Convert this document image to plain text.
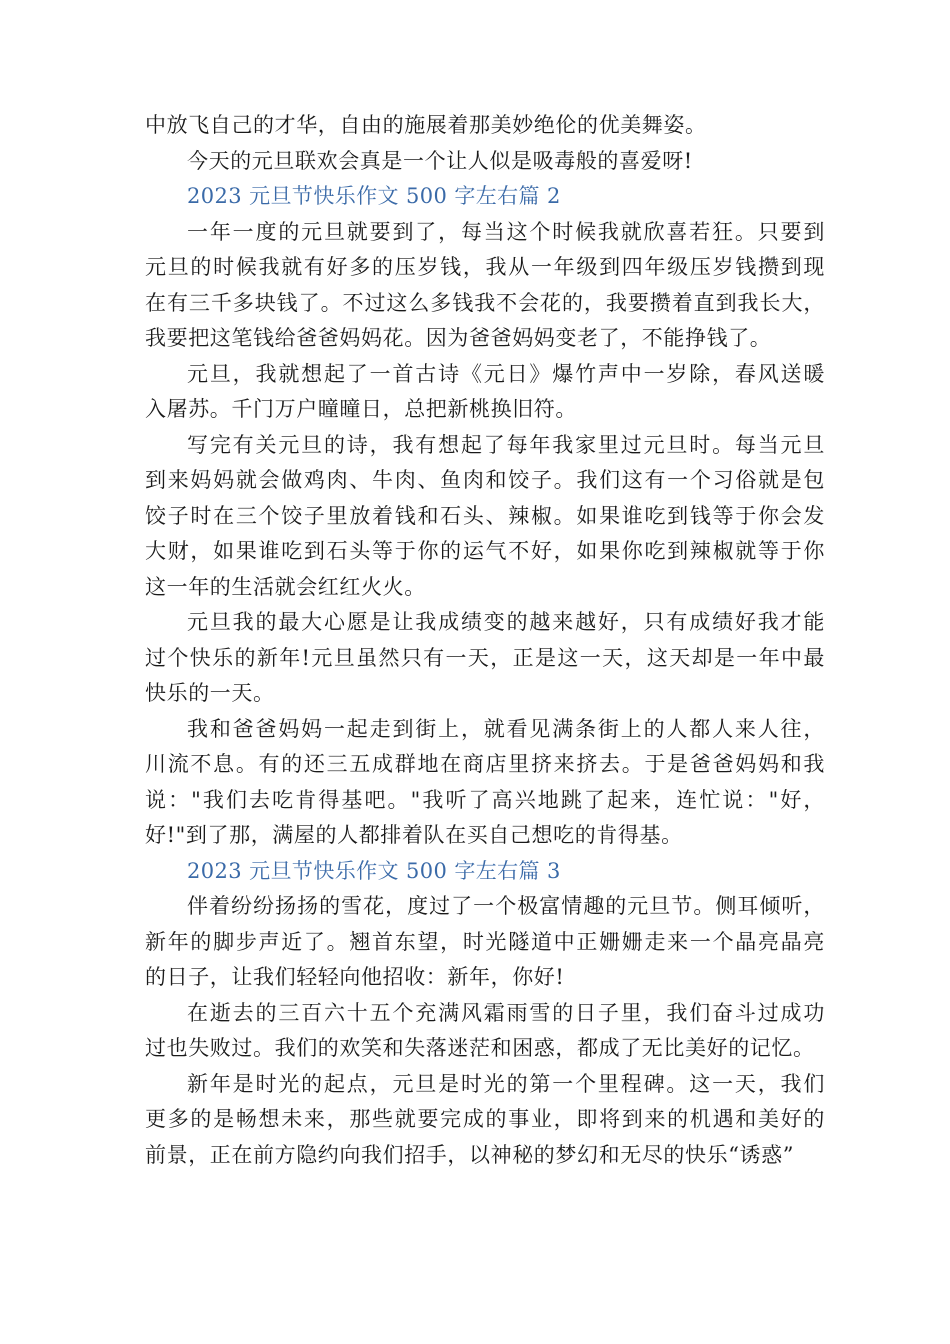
中放飞自己的才华，自由的施展着那美妙绝伦的优美舞姿。
今天的元旦联欢会真是一个让人似是吸毒般的喜爱呀!
2023 元旦节快乐作文 500 字左右篇 2
一年一度的元旦就要到了，每当这个时候我就欣喜若狂。只要到
元旦的时候我就有好多的压岁钱，我从一年级到四年级压岁钱攒到现
在有三千多块钱了。不过这么多钱我不会花的，我要攒着直到我长大，
我要把这笔钱给爸爸妈妈花。因为爸爸妈妈变老了，不能挣钱了。
元旦，我就想起了一首古诗《元日》爆竹声中一岁除，春风送暖
入屠苏。千门万户曈曈日，总把新桃换旧符。
写完有关元旦的诗，我有想起了每年我家里过元旦时。每当元旦
到来妈妈就会做鸡肉、牛肉、鱼肉和饺子。我们这有一个习俗就是包
饺子时在三个饺子里放着钱和石头、辣椒。如果谁吃到钱等于你会发
大财，如果谁吃到石头等于你的运气不好，如果你吃到辣椒就等于你
这一年的生活就会红红火火。
元旦我的最大心愿是让我成绩变的越来越好，只有成绩好我才能
过个快乐的新年!元旦虽然只有一天，正是这一天，这天却是一年中最
快乐的一天。
我和爸爸妈妈一起走到街上，就看见满条街上的人都人来人往，
川流不息。有的还三五成群地在商店里挤来挤去。于是爸爸妈妈和我
说："我们去吃肯得基吧。"我听了高兴地跳了起来，连忙说："好，
好!"到了那，满屋的人都排着队在买自己想吃的肯得基。
2023 元旦节快乐作文 500 字左右篇 3
伴着纷纷扬扬的雪花，度过了一个极富情趣的元旦节。侧耳倾听，
新年的脚步声近了。翘首东望，时光隧道中正姗姗走来一个晶亮晶亮
的日子，让我们轻轻向他招收：新年，你好!
在逝去的三百六十五个充满风霜雨雪的日子里，我们奋斗过成功
过也失败过。我们的欢笑和失落迷茫和困惑，都成了无比美好的记忆。
新年是时光的起点，元旦是时光的第一个里程碑。这一天，我们
更多的是畅想未来，那些就要完成的事业，即将到来的机遇和美好的
前景，正在前方隐约向我们招手，以神秘的梦幻和无尽的快乐“诱惑”
